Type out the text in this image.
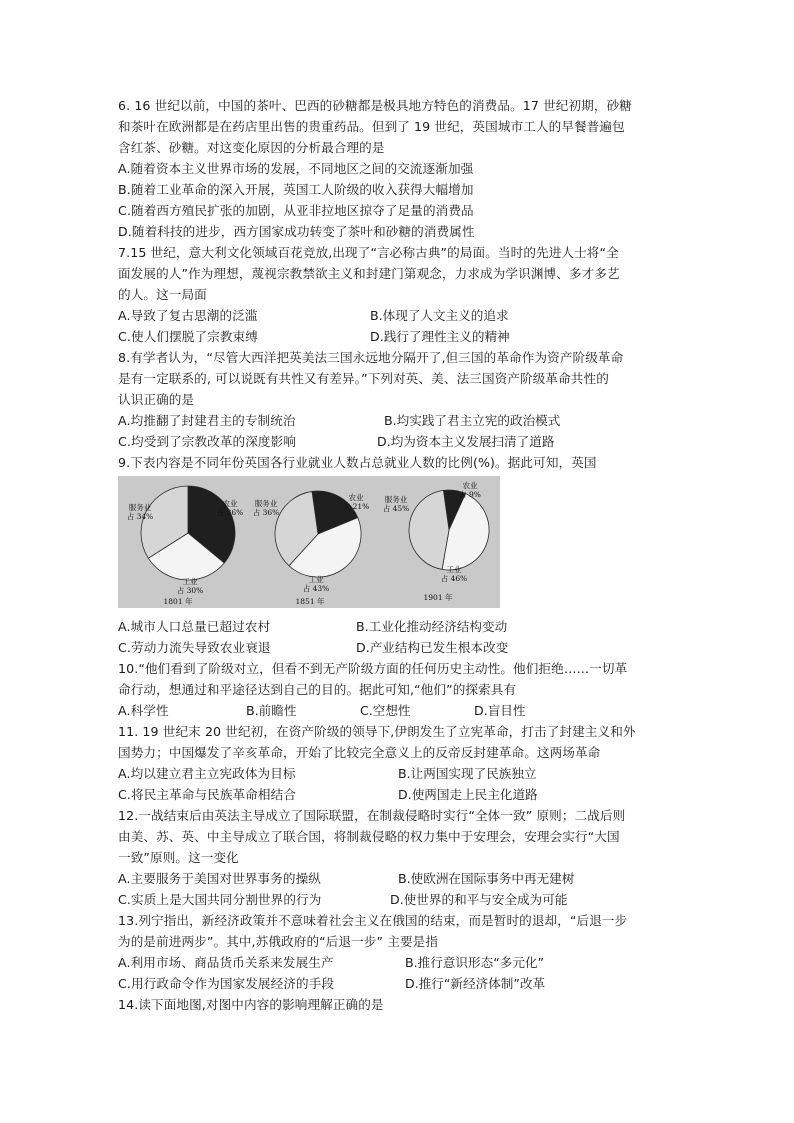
6. 16 世纪以前，中国的茶叶、巴西的砂糖都是极具地方特色的消费品。17 世纪初期，砂糖
和茶叶在欧洲都是在药店里出售的贵重药品。但到了 19 世纪，英国城市工人的早餐普遍包
含红茶、砂糖。对这变化原因的分析最合理的是
A.随着资本主义世界市场的发展，不同地区之间的交流逐渐加强
B.随着工业革命的深入开展，英国工人阶级的收入获得大幅增加
C.随着西方殖民扩张的加剧，从亚非拉地区掠夺了足量的消费品
D.随着科技的进步，西方国家成功转变了茶叶和砂糖的消费属性
7.15 世纪，意大利文化领域百花竞放,出现了“言必称古典”的局面。当时的先进人士将“全
面发展的人”作为理想，蔑视宗教禁欲主义和封建门第观念，力求成为学识渊博、多才多艺
的人。这一局面
A.导致了复古思潮的泛滥	B.体现了人文主义的追求
C.使人们摆脱了宗教束缚	D.践行了理性主义的精神
8.有学者认为，“尽管大西洋把英美法三国永远地分隔开了,但三国的革命作为资产阶级革命
是有一定联系的, 可以说既有共性又有差异。”下列对英、美、法三国资产阶级革命共性的
认识正确的是
A.均推翻了封建君主的专制统治	B.均实践了君主立宪的政治模式
C.均受到了宗教改革的深度影响	D.均为资本主义发展扫清了道路
9.下表内容是不同年份英国各行业就业人数占总就业人数的比例(%)。据此可知，英国
服务业占 34%
农业占 36%
工业占 30%
1801 年
服务业占 36%
农业占 21%
工业占 43%
1851 年
服务业占 45%
农业占 9%
工业占 46%
1901 年
A.城市人口总量已超过农村	B.工业化推动经济结构变动
C.劳动力流失导致农业衰退	D.产业结构已发生根本改变
10.“他们看到了阶级对立，但看不到无产阶级方面的任何历史主动性。他们拒绝……一切革
命行动，想通过和平途径达到自己的目的。据此可知,“他们”的探索具有
A.科学性	B.前瞻性	C.空想性	D.盲目性
11. 19 世纪末 20 世纪初，在资产阶级的领导下,伊朗发生了立宪革命，打击了封建主义和外
国势力；中国爆发了辛亥革命，开始了比较完全意义上的反帝反封建革命。这两场革命
A.均以建立君主立宪政体为目标	B.让两国实现了民族独立
C.将民主革命与民族革命相结合	D.使两国走上民主化道路
12.一战结束后由英法主导成立了国际联盟，在制裁侵略时实行“全体一致” 原则；二战后则
由美、苏、英、中主导成立了联合国，将制裁侵略的权力集中于安理会，安理会实行“大国
一致”原则。这一变化
A.主要服务于美国对世界事务的操纵	B.使欧洲在国际事务中再无建树
C.实质上是大国共同分割世界的行为	D.使世界的和平与安全成为可能
13.列宁指出，新经济政策并不意味着社会主义在俄国的结束，而是暂时的退却，“后退一步
为的是前进两步”。其中,苏俄政府的“后退一步” 主要是指
A.利用市场、商品货币关系来发展生产	B.推行意识形态“多元化”
C.用行政命令作为国家发展经济的手段	D.推行“新经济体制”改革
14.读下面地图,对图中内容的影响理解正确的是
